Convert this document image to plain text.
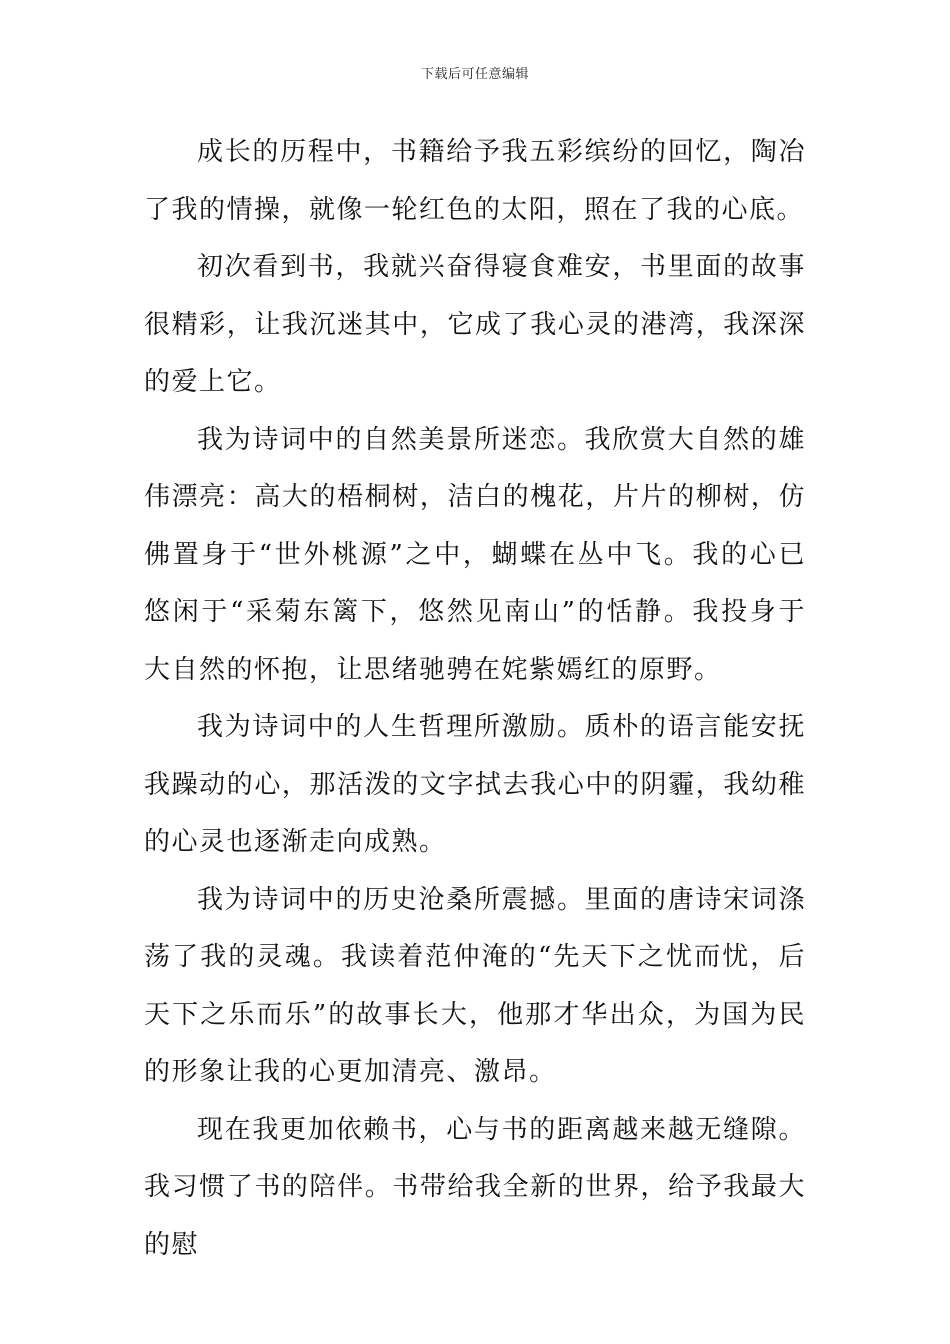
下载后可任意编辑

成长的历程中，书籍给予我五彩缤纷的回忆，陶冶了我的情操，就像一轮红色的太阳，照在了我的心底。

初次看到书，我就兴奋得寝食难安，书里面的故事很精彩，让我沉迷其中，它成了我心灵的港湾，我深深的爱上它。

我为诗词中的自然美景所迷恋。我欣赏大自然的雄伟漂亮：高大的梧桐树，洁白的槐花，片片的柳树，仿佛置身于“世外桃源”之中，蝴蝶在丛中飞。我的心已悠闲于“采菊东篱下，悠然见南山”的恬静。我投身于大自然的怀抱，让思绪驰骋在姹紫嫣红的原野。

我为诗词中的人生哲理所激励。质朴的语言能安抚我躁动的心，那活泼的文字拭去我心中的阴霾，我幼稚的心灵也逐渐走向成熟。

我为诗词中的历史沧桑所震撼。里面的唐诗宋词涤荡了我的灵魂。我读着范仲淹的“先天下之忧而忧，后天下之乐而乐”的故事长大，他那才华出众，为国为民的形象让我的心更加清亮、激昂。

现在我更加依赖书，心与书的距离越来越无缝隙。我习惯了书的陪伴。书带给我全新的世界，给予我最大的慰
